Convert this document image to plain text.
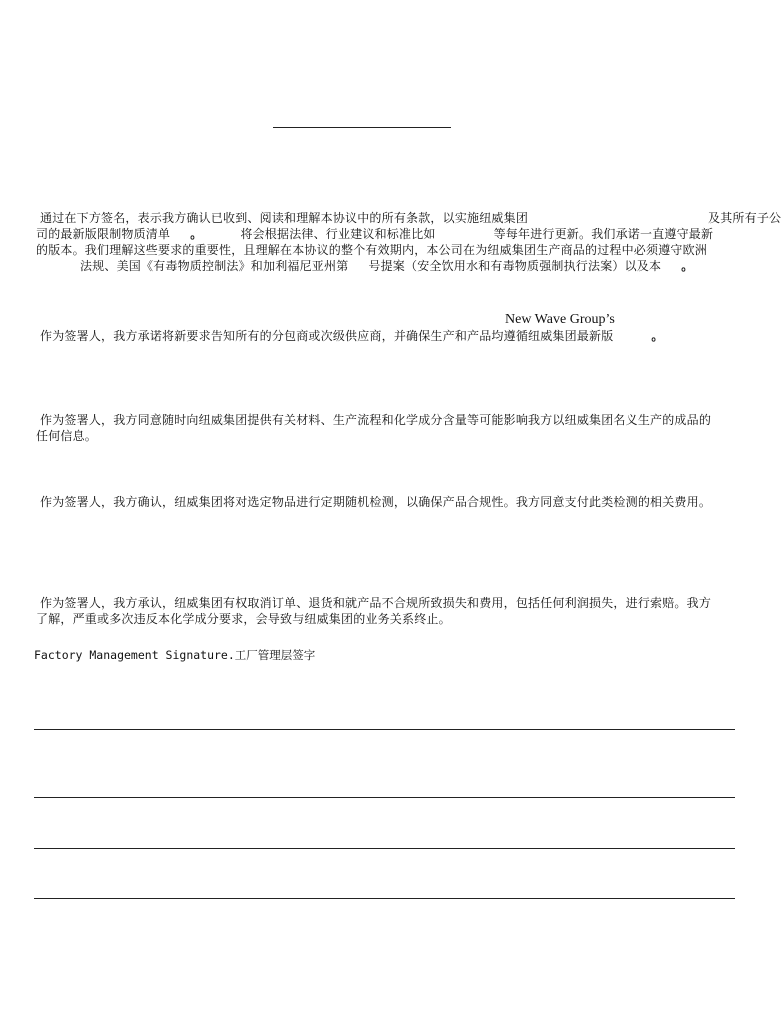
通过在下方签名，表示我方确认已收到、阅读和理解本协议中的所有条款，以实施纽威集团	及其所有子公
司的最新版限制物质清单 。	将会根据法律、行业建议和标准比如	等每年进行更新。我们承诺一直遵守最新
的版本。我们理解这些要求的重要性，且理解在本协议的整个有效期内，本公司在为纽威集团生产商品的过程中必须遵守欧洲
法规、美国《有毒物质控制法》和加利福尼亚州第 号提案（安全饮用水和有毒物质强制执行法案）以及本 。
New Wave Group’s
作为签署人，我方承诺将新要求告知所有的分包商或次级供应商，并确保生产和产品均遵循纽威集团最新版	。
作为签署人，我方同意随时向纽威集团提供有关材料、生产流程和化学成分含量等可能影响我方以纽威集团名义生产的成品的
任何信息。
作为签署人，我方确认，纽威集团将对选定物品进行定期随机检测，以确保产品合规性。我方同意支付此类检测的相关费用。
作为签署人，我方承认，纽威集团有权取消订单、退货和就产品不合规所致损失和费用，包括任何利润损失，进行索赔。我方
了解，严重或多次违反本化学成分要求，会导致与纽威集团的业务关系终止。
Factory Management Signature.工厂管理层签字
